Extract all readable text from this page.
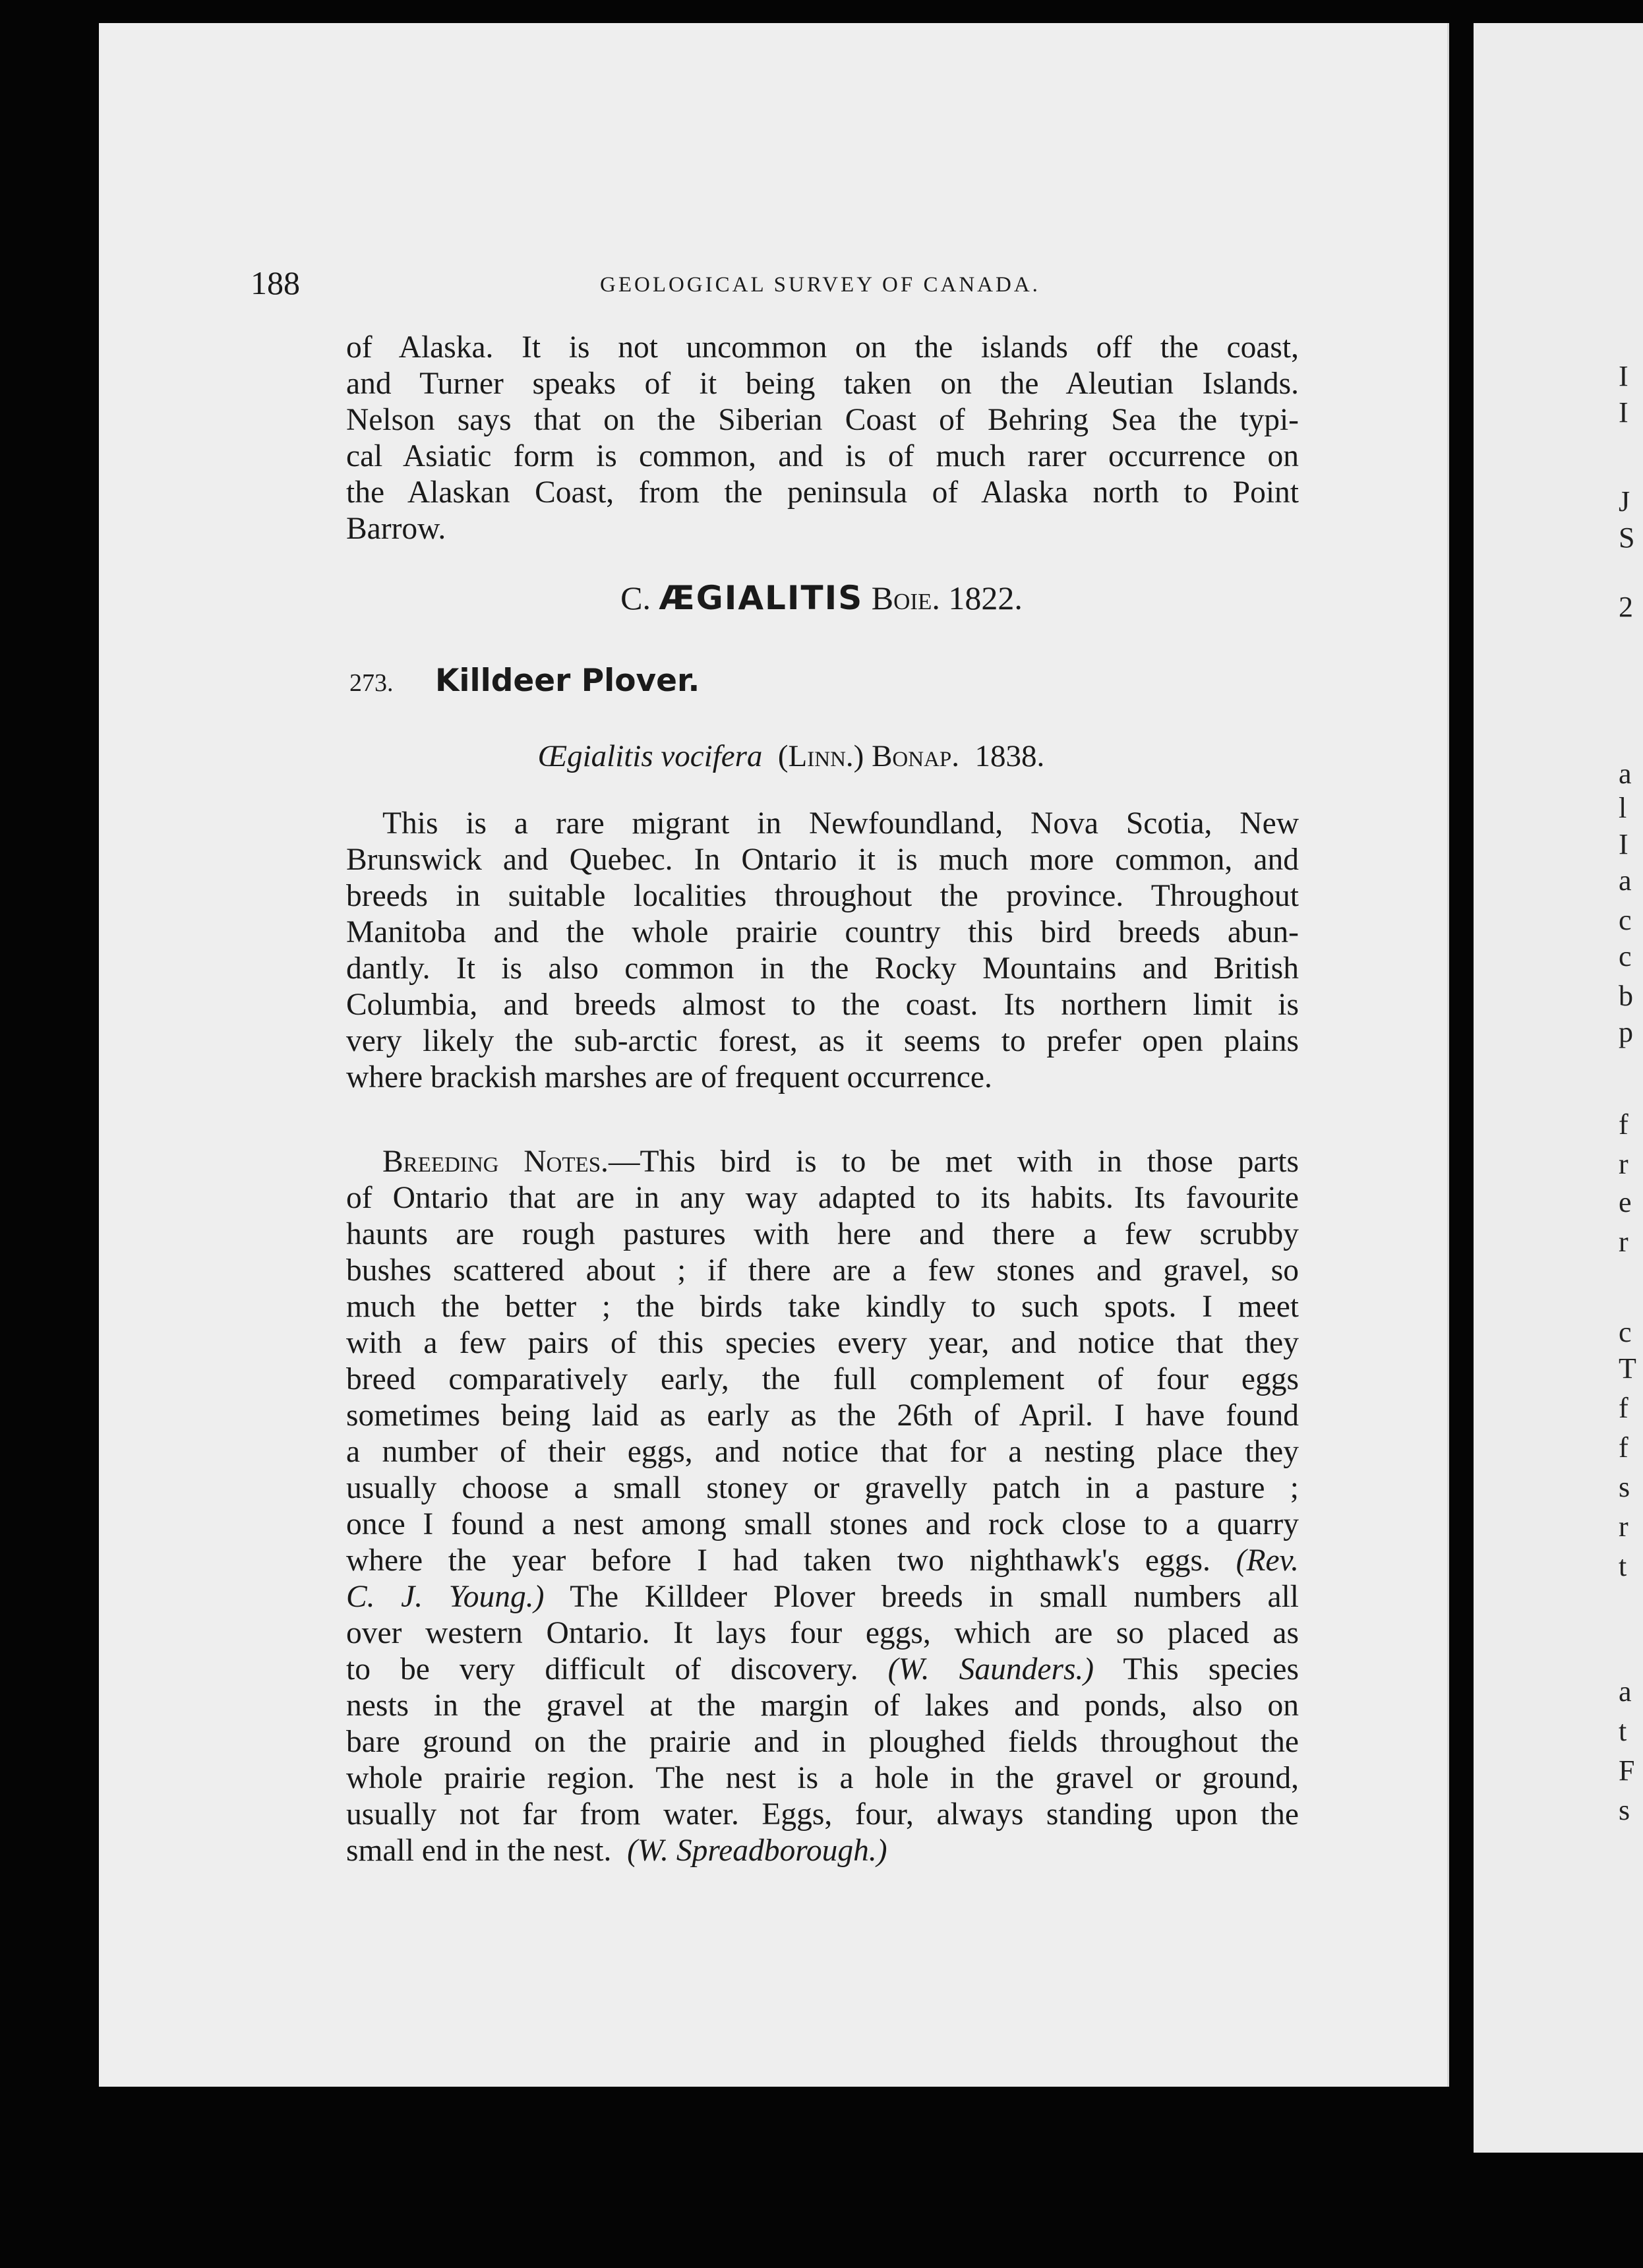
188	GEOLOGICAL SURVEY OF CANADA.
of Alaska. It is not uncommon on the islands off the coast,
and Turner speaks of it being taken on the Aleutian Islands.
Nelson says that on the Siberian Coast of Behring Sea the typi-
cal Asiatic form is common, and is of much rarer occurrence on
the Alaskan Coast, from the peninsula of Alaska north to Point
Barrow.
C. ÆGIALITIS Boie. 1822.
273. Killdeer Plover.
Œgialitis vocifera (Linn.) Bonap. 1838.
This is a rare migrant in Newfoundland, Nova Scotia, New
Brunswick and Quebec. In Ontario it is much more common, and
breeds in suitable localities throughout the province. Throughout
Manitoba and the whole prairie country this bird breeds abun-
dantly. It is also common in the Rocky Mountains and British
Columbia, and breeds almost to the coast. Its northern limit is
very likely the sub-arctic forest, as it seems to prefer open plains
where brackish marshes are of frequent occurrence.
Breeding Notes.—This bird is to be met with in those parts
of Ontario that are in any way adapted to its habits. Its favourite
haunts are rough pastures with here and there a few scrubby
bushes scattered about ; if there are a few stones and gravel, so
much the better ; the birds take kindly to such spots. I meet
with a few pairs of this species every year, and notice that they
breed comparatively early, the full complement of four eggs
sometimes being laid as early as the 26th of April. I have found
a number of their eggs, and notice that for a nesting place they
usually choose a small stoney or gravelly patch in a pasture ;
once I found a nest among small stones and rock close to a quarry
where the year before I had taken two nighthawk's eggs. (Rev.
C. J. Young.) The Killdeer Plover breeds in small numbers all
over western Ontario. It lays four eggs, which are so placed as
to be very difficult of discovery. (W. Saunders.) This species
nests in the gravel at the margin of lakes and ponds, also on
bare ground on the prairie and in ploughed fields throughout the
whole prairie region. The nest is a hole in the gravel or ground,
usually not far from water. Eggs, four, always standing upon the
small end in the nest. (W. Spreadborough.)
I
I
J
S
2
a
l
I
a
c
c
b
p
f
r
e
r
c
T
f
f
s
r
t
a
t
F
s
